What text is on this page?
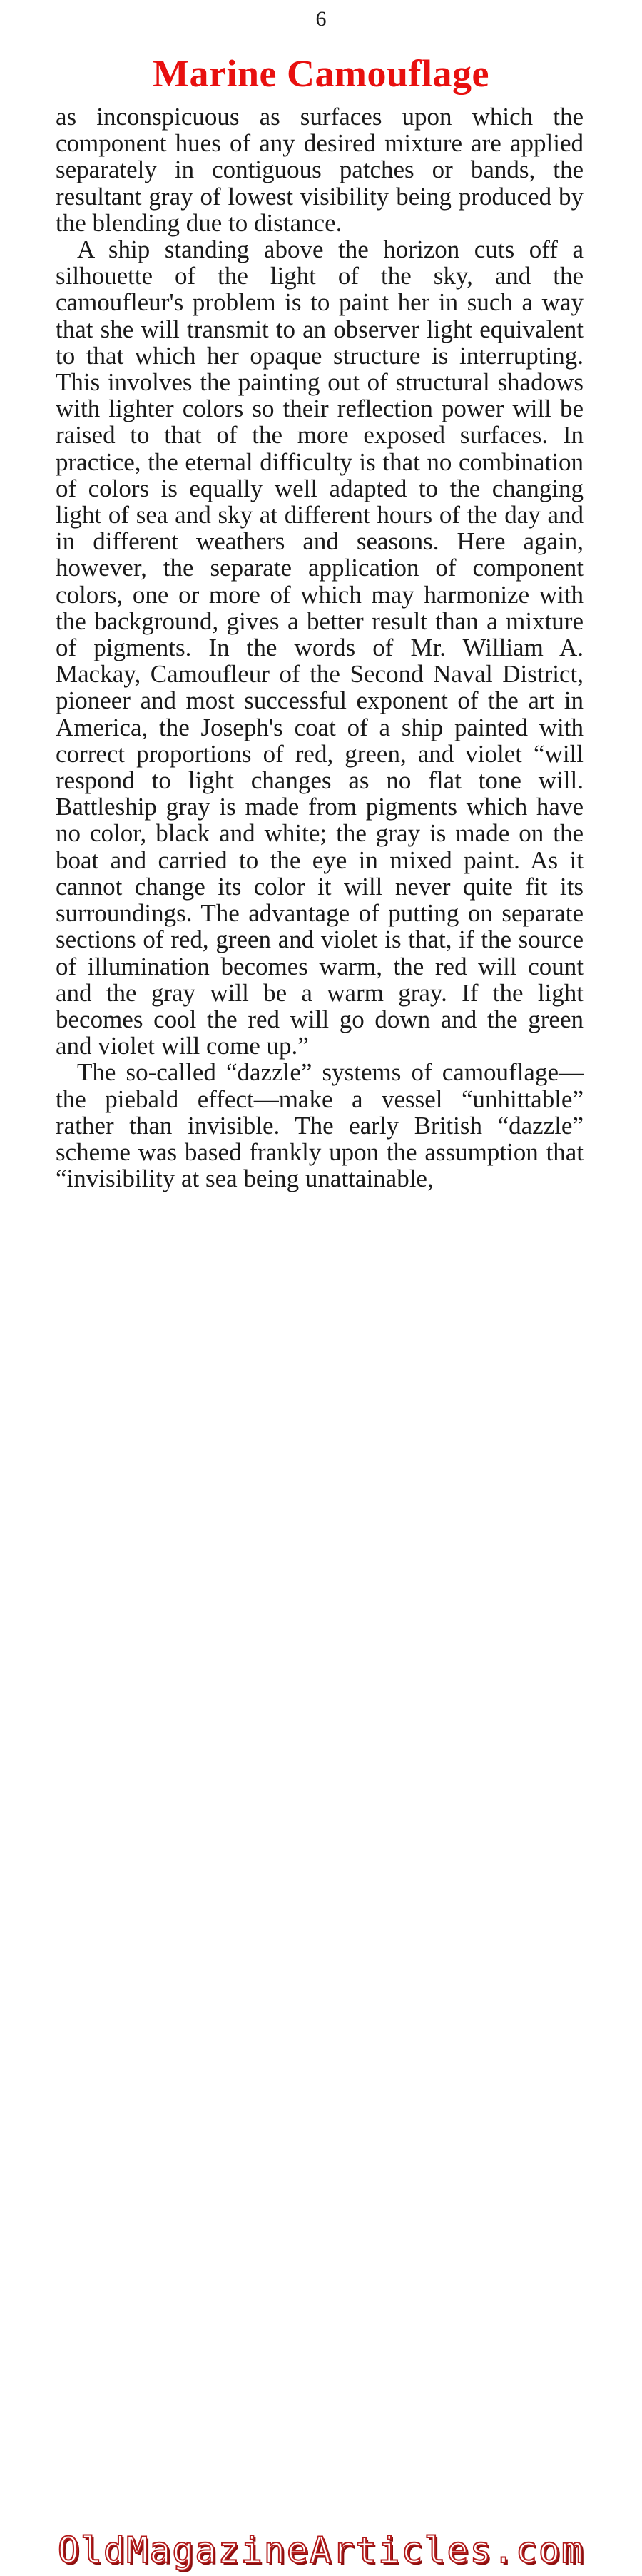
6
Marine Camouflage

as inconspicuous as surfaces upon which the component hues of any desired mixture are applied separately in contiguous patches or bands, the resultant gray of lowest visibility being produced by the blending due to distance.

A ship standing above the horizon cuts off a silhouette of the light of the sky, and the camoufleur's problem is to paint her in such a way that she will transmit to an observer light equivalent to that which her opaque structure is interrupting. This involves the painting out of structural shadows with lighter colors so their reflection power will be raised to that of the more exposed surfaces. In practice, the eternal difficulty is that no combination of colors is equally well adapted to the changing light of sea and sky at different hours of the day and in different weathers and seasons. Here again, however, the separate application of component colors, one or more of which may harmonize with the background, gives a better result than a mixture of pigments. In the words of Mr. William A. Mackay, Camoufleur of the Second Naval District, pioneer and most successful exponent of the art in America, the Joseph's coat of a ship painted with correct proportions of red, green, and violet “will respond to light changes as no flat tone will. Battleship gray is made from pigments which have no color, black and white; the gray is made on the boat and carried to the eye in mixed paint. As it cannot change its color it will never quite fit its surroundings. The advantage of putting on separate sections of red, green and violet is that, if the source of illumination becomes warm, the red will count and the gray will be a warm gray. If the light becomes cool the red will go down and the green and violet will come up.”

The so-called “dazzle” systems of camouflage—the piebald effect—make a vessel “unhittable” rather than invisible. The early British “dazzle” scheme was based frankly upon the assumption that “invisibility at sea being unattainable,

OldMagazineArticles.com
